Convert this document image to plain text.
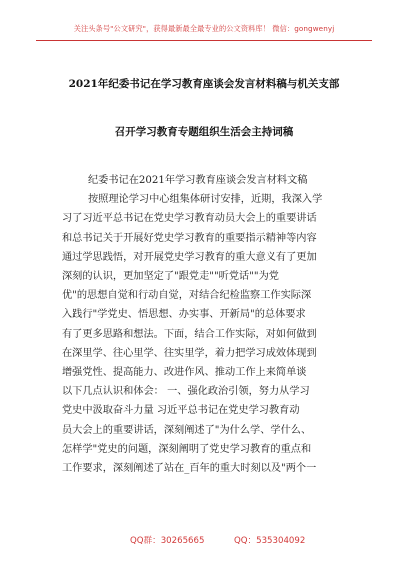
关注头条号"公文研究"，获得最新最全最专业的公文资料库！ 微信：gongwenyj
2021年纪委书记在学习教育座谈会发言材料稿与机关支部
召开学习教育专题组织生活会主持词稿

纪委书记在2021年学习教育座谈会发言材料文稿

按照理论学习中心组集体研讨安排，近期，我深入学

习了习近平总书记在党史学习教育动员大会上的重要讲话

和总书记关于开展好党史学习教育的重要指示精神等内容

通过学思践悟，对开展党史学习教育的重大意义有了更加

深刻的认识，更加坚定了"跟党走""听党话""为党

优"的思想自觉和行动自觉，对结合纪检监察工作实际深

入践行"学党史、悟思想、办实事、开新局"的总体要求

有了更多思路和想法。下面，结合工作实际，对如何做到

在深里学、往心里学、往实里学，着力把学习成效体现到

增强党性、提高能力、改进作风、推动工作上来简单谈

以下几点认识和体会： 一、强化政治引领，努力从学习

党史中汲取奋斗力量 习近平总书记在党史学习教育动

员大会上的重要讲话，深刻阐述了"为什么学、学什么、

怎样学"党史的问题，深刻阐明了党史学习教育的重点和

工作要求，深刻阐述了站在_百年的重大时刻以及"两个一

QQ群：30265665	QQ：535304092
